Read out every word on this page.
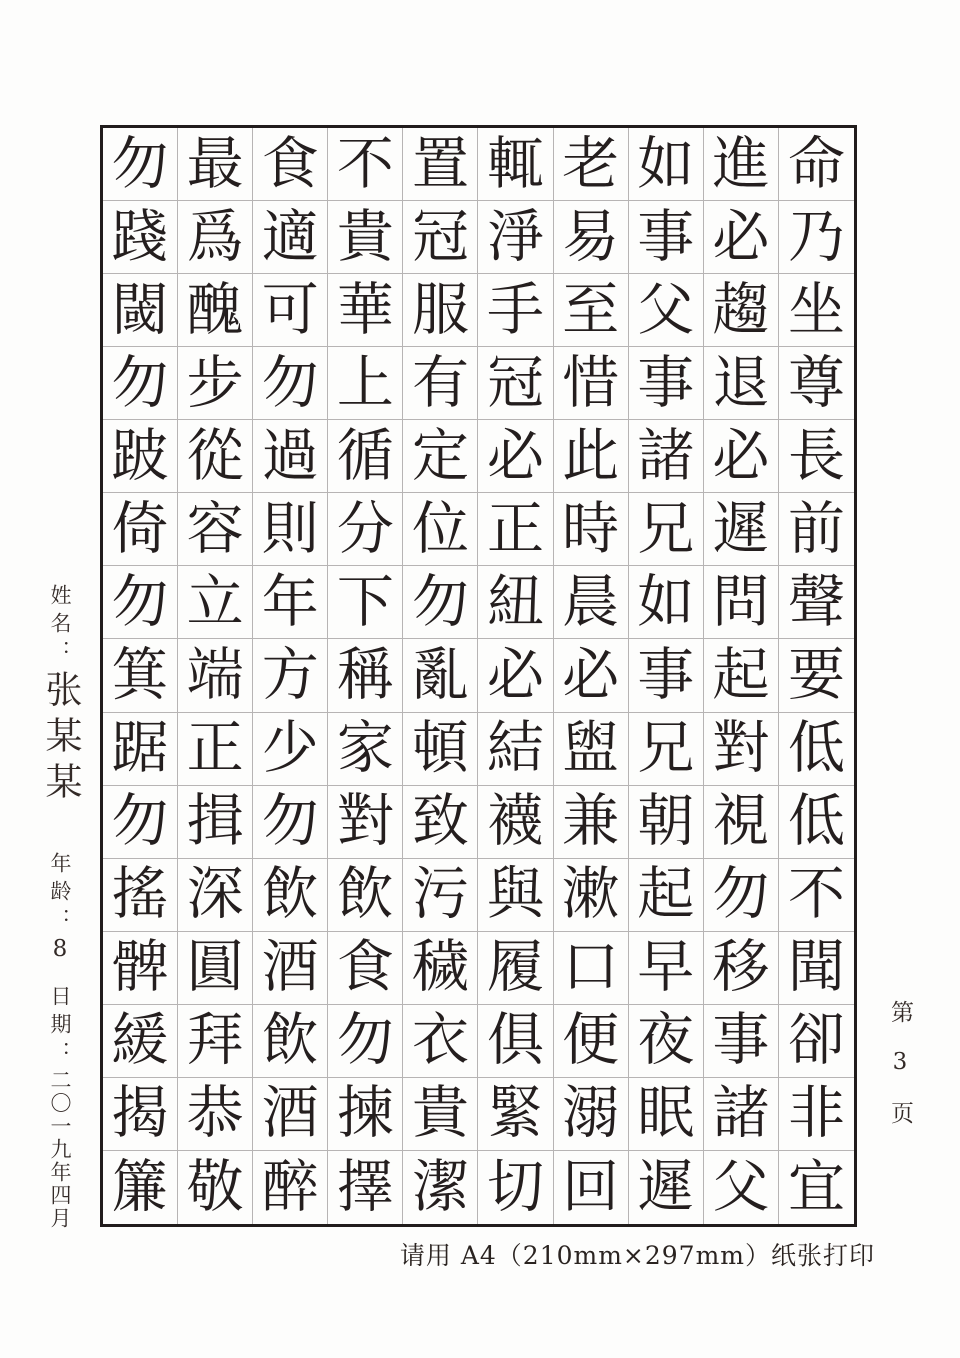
姓名：张某某年龄：8日期：二〇一九年四月
勿 最 食 不 置 輒 老 如 進 命
踐 爲 適 貴 冠 淨 易 事 必 乃
閾 醜 可 華 服 手 至 父 趨 坐
勿 步 勿 上 有 冠 惜 事 退 尊
跛 從 過 循 定 必 此 諸 必 長
倚 容 則 分 位 正 時 兄 遲 前
勿 立 年 下 勿 紐 晨 如 問 聲
箕 端 方 稱 亂 必 必 事 起 要
踞 正 少 家 頓 結 盥 兄 對 低
勿 揖 勿 對 致 襪 兼 朝 視 低
搖 深 飲 飲 污 與 漱 起 勿 不
髀 圓 酒 食 穢 履 口 早 移 聞
緩 拜 飲 勿 衣 俱 便 夜 事 卻
揭 恭 酒 揀 貴 緊 溺 眠 諸 非
簾 敬 醉 擇 潔 切 回 遲 父 宜
第3页
请用 A4（210mm×297mm）纸张打印
